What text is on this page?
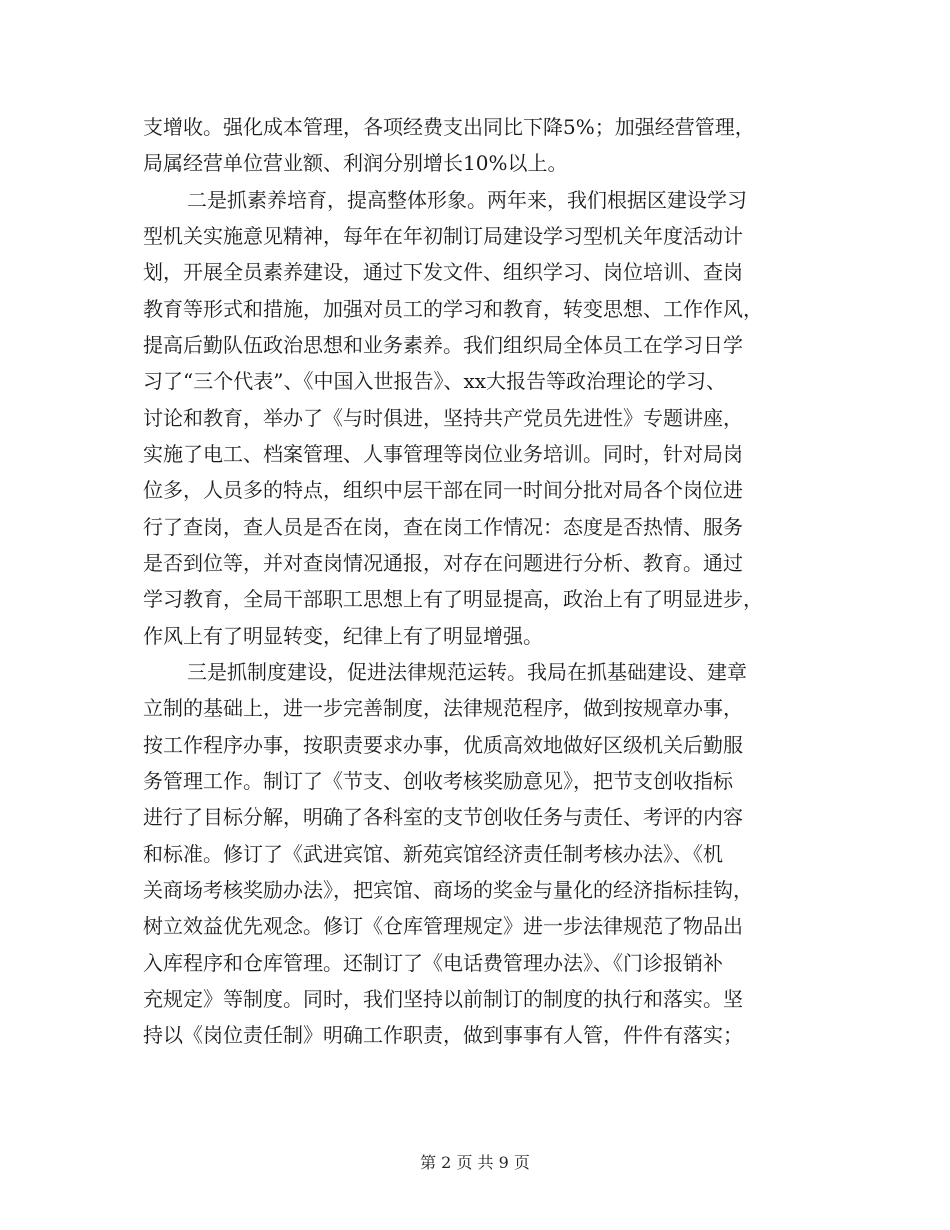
支增收。强化成本管理，各项经费支出同比下降5%；加强经营管理，
局属经营单位营业额、利润分别增长10%以上。
二是抓素养培育，提高整体形象。两年来，我们根据区建设学习
型机关实施意见精神，每年在年初制订局建设学习型机关年度活动计
划，开展全员素养建设，通过下发文件、组织学习、岗位培训、查岗
教育等形式和措施，加强对员工的学习和教育，转变思想、工作作风，
提高后勤队伍政治思想和业务素养。我们组织局全体员工在学习日学
习了“三个代表”、《中国入世报告》、xx大报告等政治理论的学习、
讨论和教育，举办了《与时俱进，坚持共产党员先进性》专题讲座，
实施了电工、档案管理、人事管理等岗位业务培训。同时，针对局岗
位多，人员多的特点，组织中层干部在同一时间分批对局各个岗位进
行了查岗，查人员是否在岗，查在岗工作情况：态度是否热情、服务
是否到位等，并对查岗情况通报，对存在问题进行分析、教育。通过
学习教育，全局干部职工思想上有了明显提高，政治上有了明显进步，
作风上有了明显转变，纪律上有了明显增强。
三是抓制度建设，促进法律规范运转。我局在抓基础建设、建章
立制的基础上，进一步完善制度，法律规范程序，做到按规章办事，
按工作程序办事，按职责要求办事，优质高效地做好区级机关后勤服
务管理工作。制订了《节支、创收考核奖励意见》，把节支创收指标
进行了目标分解，明确了各科室的支节创收任务与责任、考评的内容
和标准。修订了《武进宾馆、新苑宾馆经济责任制考核办法》、《机
关商场考核奖励办法》，把宾馆、商场的奖金与量化的经济指标挂钩，
树立效益优先观念。修订《仓库管理规定》进一步法律规范了物品出
入库程序和仓库管理。还制订了《电话费管理办法》、《门诊报销补
充规定》等制度。同时，我们坚持以前制订的制度的执行和落实。坚
持以《岗位责任制》明确工作职责，做到事事有人管，件件有落实；
第 2 页 共 9 页
